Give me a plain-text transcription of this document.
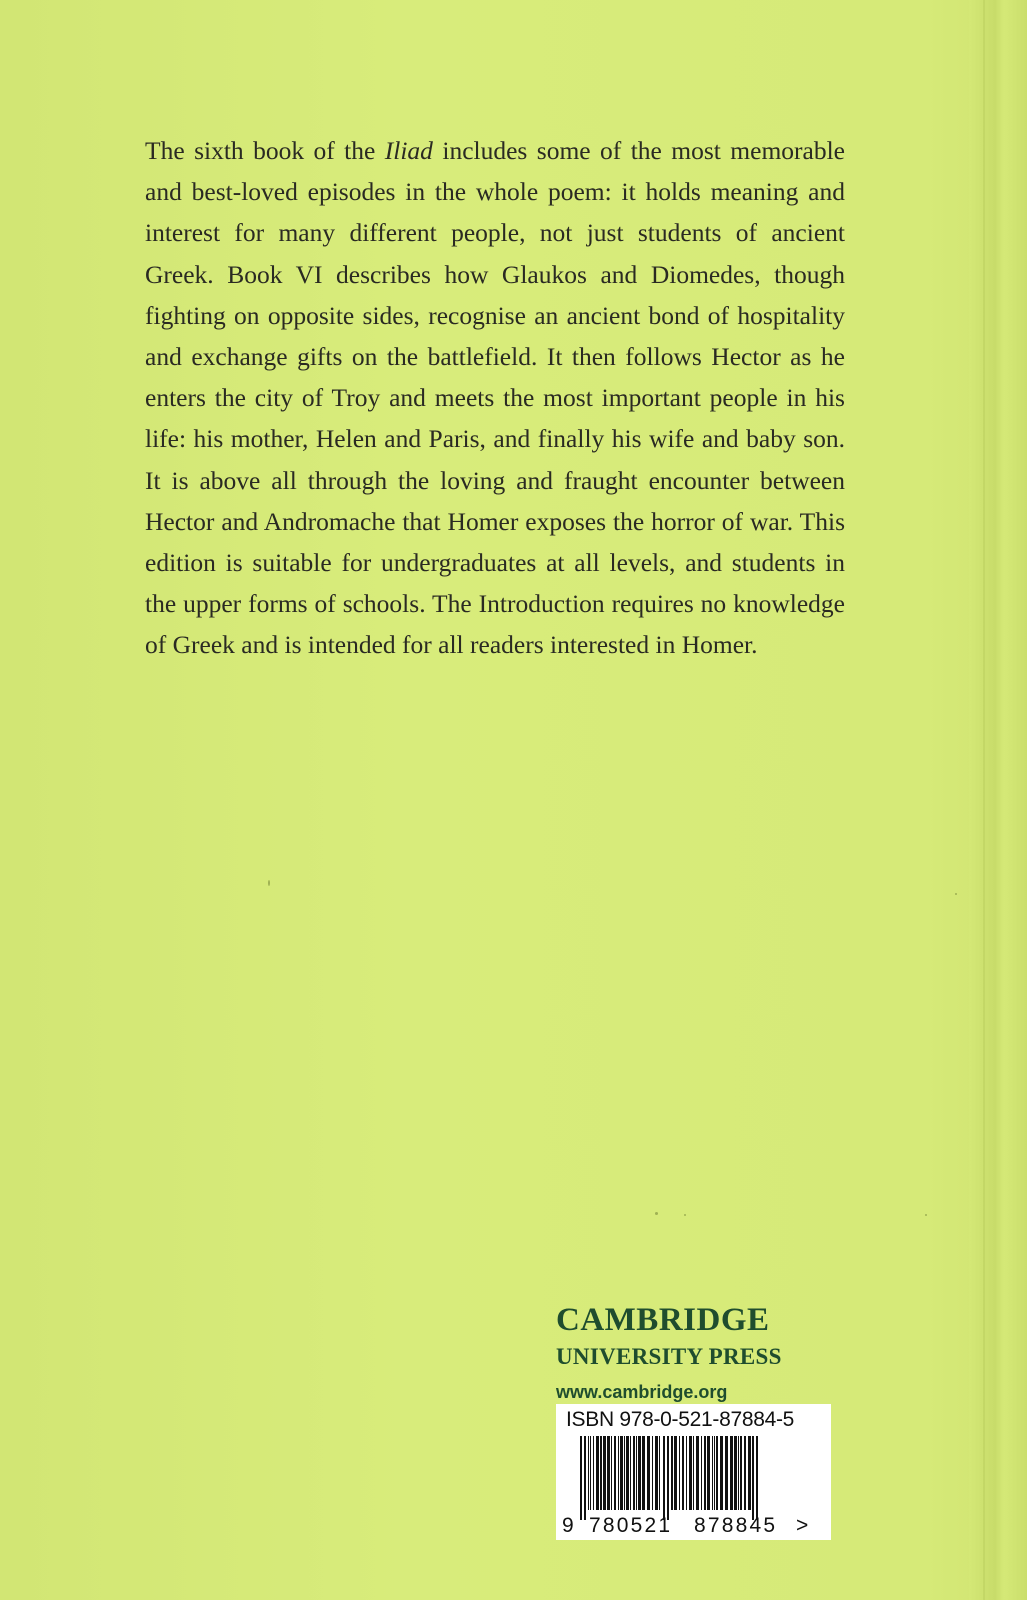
The sixth book of the Iliad includes some of the most memorable and best-loved episodes in the whole poem: it holds meaning and interest for many different people, not just students of ancient Greek. Book VI describes how Glaukos and Diomedes, though fighting on opposite sides, recognise an ancient bond of hospitality and exchange gifts on the battlefield. It then follows Hector as he enters the city of Troy and meets the most important people in his life: his mother, Helen and Paris, and finally his wife and baby son. It is above all through the loving and fraught encounter between Hector and Andromache that Homer exposes the horror of war. This edition is suitable for undergraduates at all levels, and students in the upper forms of schools. The Introduction requires no knowledge of Greek and is intended for all readers interested in Homer.

CAMBRIDGE
UNIVERSITY PRESS
www.cambridge.org
ISBN 978-0-521-87884-5
9 780521 878845 >
